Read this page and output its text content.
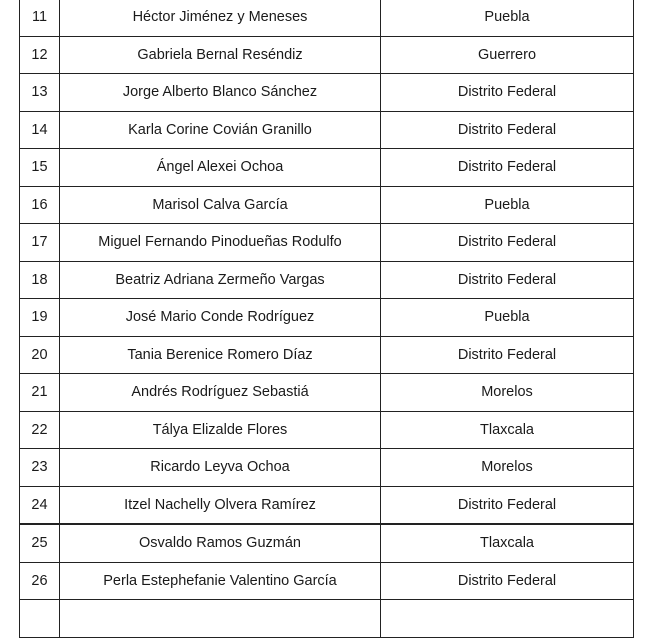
11	Héctor Jiménez y Meneses	Puebla
12	Gabriela Bernal Reséndiz	Guerrero
13	Jorge Alberto Blanco Sánchez	Distrito Federal
14	Karla Corine Covián Granillo	Distrito Federal
15	Ángel Alexei Ochoa	Distrito Federal
16	Marisol Calva García	Puebla
17	Miguel Fernando Pinodueñas Rodulfo	Distrito Federal
18	Beatriz Adriana Zermeño Vargas	Distrito Federal
19	José Mario Conde Rodríguez	Puebla
20	Tania Berenice Romero Díaz	Distrito Federal
21	Andrés Rodríguez Sebastiá	Morelos
22	Tályа Elizalde Flores	Tlaxcala
23	Ricardo Leyva Ochoa	Morelos
24	Itzel Nachelly Olvera Ramírez	Distrito Federal
25	Osvaldo Ramos Guzmán	Tlaxcala
26	Perla Estephefanie Valentino García	Distrito Federal
